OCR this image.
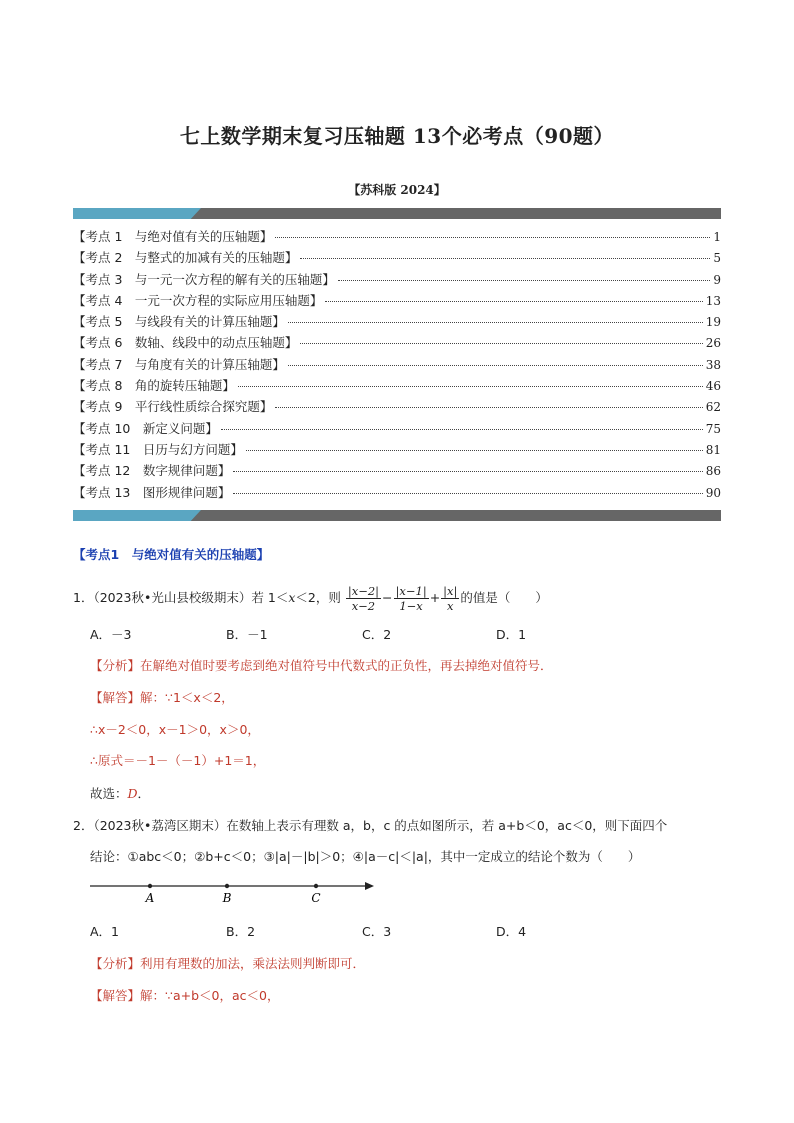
七上数学期末复习压轴题 13个必考点（90题）
【苏科版 2024】
【考点 1　与绝对值有关的压轴题】	1
【考点 2　与整式的加减有关的压轴题】	5
【考点 3　与一元一次方程的解有关的压轴题】	9
【考点 4　一元一次方程的实际应用压轴题】	13
【考点 5　与线段有关的计算压轴题】	19
【考点 6　数轴、线段中的动点压轴题】	26
【考点 7　与角度有关的计算压轴题】	38
【考点 8　角的旋转压轴题】	46
【考点 9　平行线性质综合探究题】	62
【考点 10　新定义问题】	75
【考点 11　日历与幻方问题】	81
【考点 12　数字规律问题】	86
【考点 13　图形规律问题】	90
【考点1　与绝对值有关的压轴题】
1．（2023秋•光山县校级期末）若 1＜x＜2，则 $\frac{|x-2|}{x-2} - \frac{|x-1|}{1-x} + \frac{|x|}{x}$ 的值是（　　）
A．－3	B．－1	C．2	D．1
【分析】在解绝对值时要考虑到绝对值符号中代数式的正负性，再去掉绝对值符号．
【解答】解：∵1＜x＜2，
∴x－2＜0，x－1＞0，x＞0，
∴原式＝－1－（－1）+1＝1，
故选：D．
2．（2023秋•荔湾区期末）在数轴上表示有理数 a，b，c 的点如图所示，若 a+b＜0，ac＜0，则下面四个
结论：①abc＜0；②b+c＜0；③|a|－|b|＞0；④|a－c|＜|a|，其中一定成立的结论个数为（　　）
A	B	C
A．1	B．2	C．3	D．4
【分析】利用有理数的加法，乘法法则判断即可．
【解答】解：∵a+b＜0，ac＜0，
